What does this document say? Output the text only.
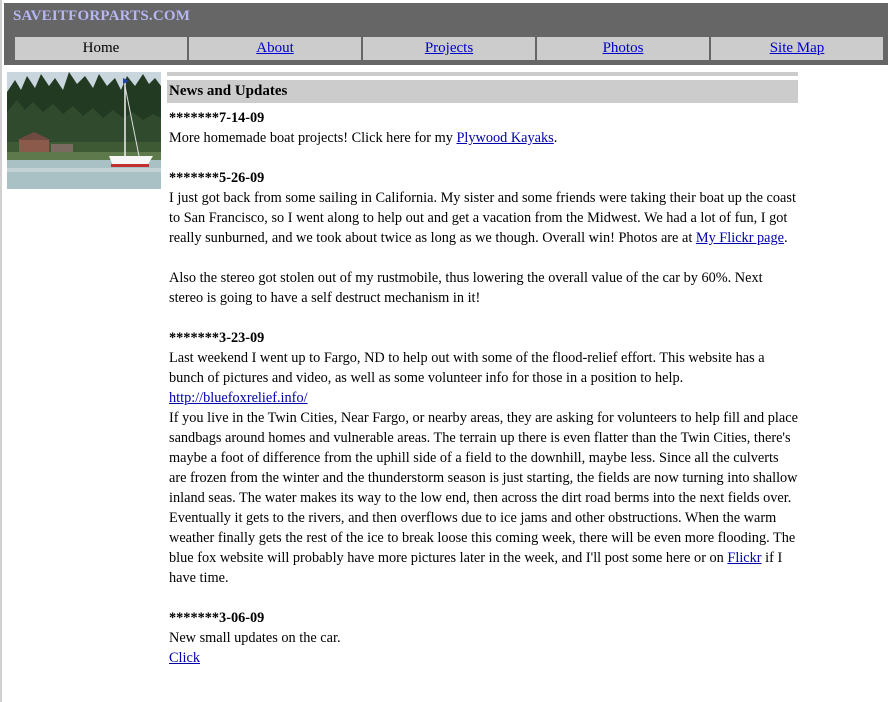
SAVEITFORPARTS.COM
Home	About	Projects	Photos	Site Map
News and Updates
*******7-14-09
More homemade boat projects! Click here for my Plywood Kayaks.
*******5-26-09
I just got back from some sailing in California. My sister and some friends were taking their boat up the coast to San Francisco, so I went along to help out and get a vacation from the Midwest. We had a lot of fun, I got really sunburned, and we took about twice as long as we though. Overall win! Photos are at My Flickr page.
Also the stereo got stolen out of my rustmobile, thus lowering the overall value of the car by 60%. Next stereo is going to have a self destruct mechanism in it!
*******3-23-09
Last weekend I went up to Fargo, ND to help out with some of the flood-relief effort. This website has a bunch of pictures and video, as well as some volunteer info for those in a position to help.
http://bluefoxrelief.info/
If you live in the Twin Cities, Near Fargo, or nearby areas, they are asking for volunteers to help fill and place sandbags around homes and vulnerable areas. The terrain up there is even flatter than the Twin Cities, there's maybe a foot of difference from the uphill side of a field to the downhill, maybe less. Since all the culverts are frozen from the winter and the thunderstorm season is just starting, the fields are now turning into shallow inland seas. The water makes its way to the low end, then across the dirt road berms into the next fields over. Eventually it gets to the rivers, and then overflows due to ice jams and other obstructions. When the warm weather finally gets the rest of the ice to break loose this coming week, there will be even more flooding. The blue fox website will probably have more pictures later in the week, and I'll post some here or on Flickr if I have time.
*******3-06-09
New small updates on the car.
Click
